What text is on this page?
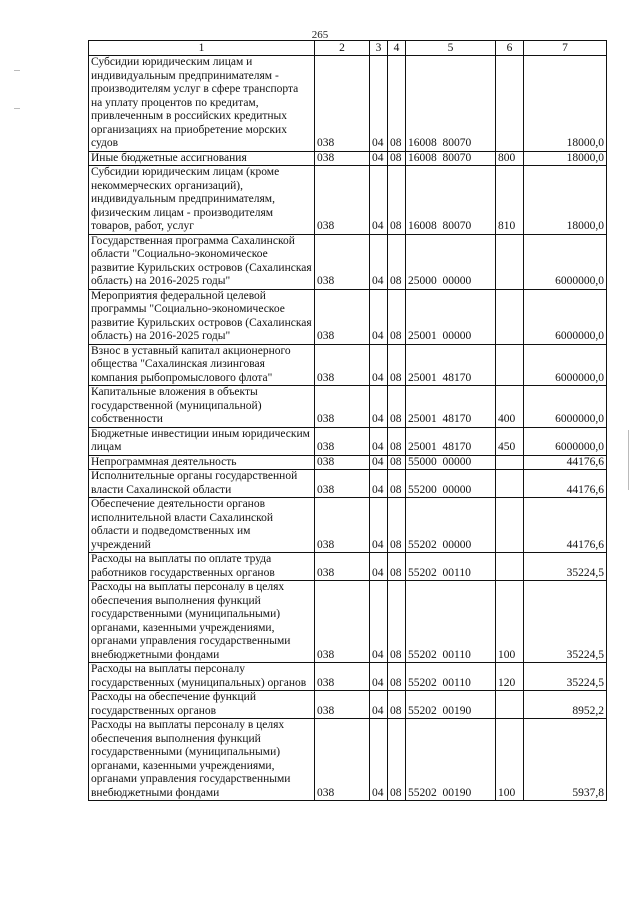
265
1	2	3	4	5	6	7
Субсидии юридическим лицам и индивидуальным предпринимателям - производителям услуг в сфере транспорта на уплату процентов по кредитам, привлеченным в российских кредитных организациях на приобретение морских судов	038	04	08	16008  80070		18000,0
Иные бюджетные ассигнования	038	04	08	16008  80070	800	18000,0
Субсидии юридическим лицам (кроме некоммерческих организаций), индивидуальным предпринимателям, физическим лицам - производителям товаров, работ, услуг	038	04	08	16008  80070	810	18000,0
Государственная программа Сахалинской области "Социально-экономическое развитие Курильских островов (Сахалинская область) на 2016-2025 годы"	038	04	08	25000  00000		6000000,0
Мероприятия федеральной целевой программы "Социально-экономическое развитие Курильских островов (Сахалинская область) на 2016-2025 годы"	038	04	08	25001  00000		6000000,0
Взнос в уставный капитал акционерного общества "Сахалинская лизинговая компания рыбопромыслового флота"	038	04	08	25001  48170		6000000,0
Капитальные вложения в объекты государственной (муниципальной) собственности	038	04	08	25001  48170	400	6000000,0
Бюджетные инвестиции иным юридическим лицам	038	04	08	25001  48170	450	6000000,0
Непрограммная деятельность	038	04	08	55000  00000		44176,6
Исполнительные органы государственной власти Сахалинской области	038	04	08	55200  00000		44176,6
Обеспечение деятельности органов исполнительной власти Сахалинской области и подведомственных им учреждений	038	04	08	55202  00000		44176,6
Расходы на выплаты по оплате труда работников государственных органов	038	04	08	55202  00110		35224,5
Расходы на выплаты персоналу в целях обеспечения выполнения функций государственными (муниципальными) органами, казенными учреждениями, органами управления государственными внебюджетными фондами	038	04	08	55202  00110	100	35224,5
Расходы на выплаты персоналу государственных (муниципальных) органов	038	04	08	55202  00110	120	35224,5
Расходы на обеспечение функций государственных органов	038	04	08	55202  00190		8952,2
Расходы на выплаты персоналу в целях обеспечения выполнения функций государственными (муниципальными) органами, казенными учреждениями, органами управления государственными внебюджетными фондами	038	04	08	55202  00190	100	5937,8
